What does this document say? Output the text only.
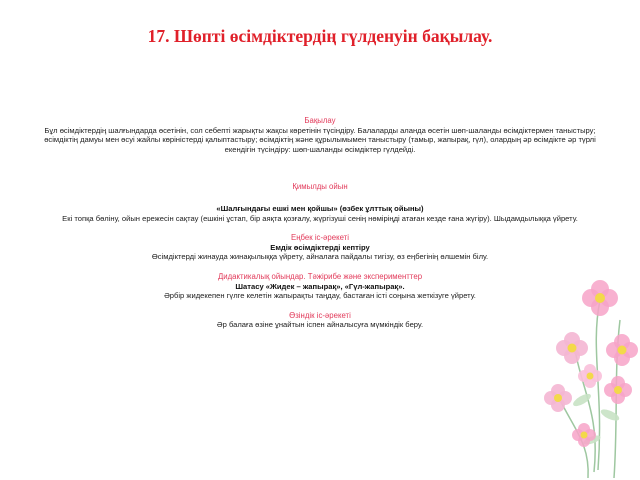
17. Шөпті өсімдіктердің гүлденуін бақылау.
Бақылау
Бұл өсімдіктердің шалғындарда өсетінін, сол себепті жарықты жақсы көретінін түсіндіру. Балаларды аланда өсетін шөп-шаланды өсімдіктермен таныстыру; өсімдіктің дамуы мен өсуі жайлы көріністерді қалыптастыру; өсімдіктің және құрылымымен таныстыру (тамыр, жапырақ, гүл), олардың әр өсімдікте әр түрлі екендігін түсіндіру: шөп-шаланды өсімдіктер гүлдейді.
Қимылды ойын
«Шалғындағы ешкі мен қойшы» (өзбек ұлттық ойыны)
Екі топқа бөліну, ойын ережесін сақтау (ешкіні ұстап, бір аяқта қозғалу, жүргізуші сенің нөміріңді атаған кезде ғана жүгіру). Шыдамдылыққа үйрету.
Еңбек іс-әрекеті
Емдік өсімдіктерді кептіру
Өсімдіктерді жинауда жинақылыққа үйрету, айналаға пайдалы тигізу, өз еңбегінің өлшемін білу.
Дидактикалық ойындар. Тәжірибе және эксперименттер
Шатасу «Жидек – жапырақ», «Гүл-жапырақ».
Әрбір жидекепен гүлге келетін жапырақты таңдау, бастаған істі соңына жеткізуге үйрету.
Өзіндік іс-әрекеті
Әр балаға өзіне ұнайтын іспен айналысуға мүмкіндік беру.
